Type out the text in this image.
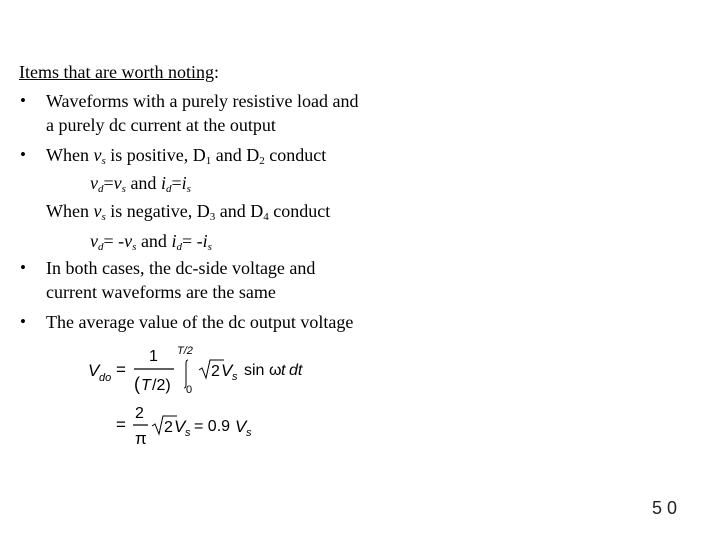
Items that are worth noting:
• Waveforms with a purely resistive load and
a purely dc current at the output
• When $v_s$ is positive, $D_1$ and $D_2$ conduct
$v_d=v_s$ and $i_d=i_s$
When $v_s$ is negative, $D_3$ and $D_4$ conduct
$v_d= -v_s$ and $i_d= -i_s$
• In both cases, the dc-side voltage and
current waveforms are the same
• The average value of the dc output voltage
V do =
1
( T /2)
T/2
0
2 V s sin ω t dt
=
2
π
2 V s = 0.9 V s
5 0
